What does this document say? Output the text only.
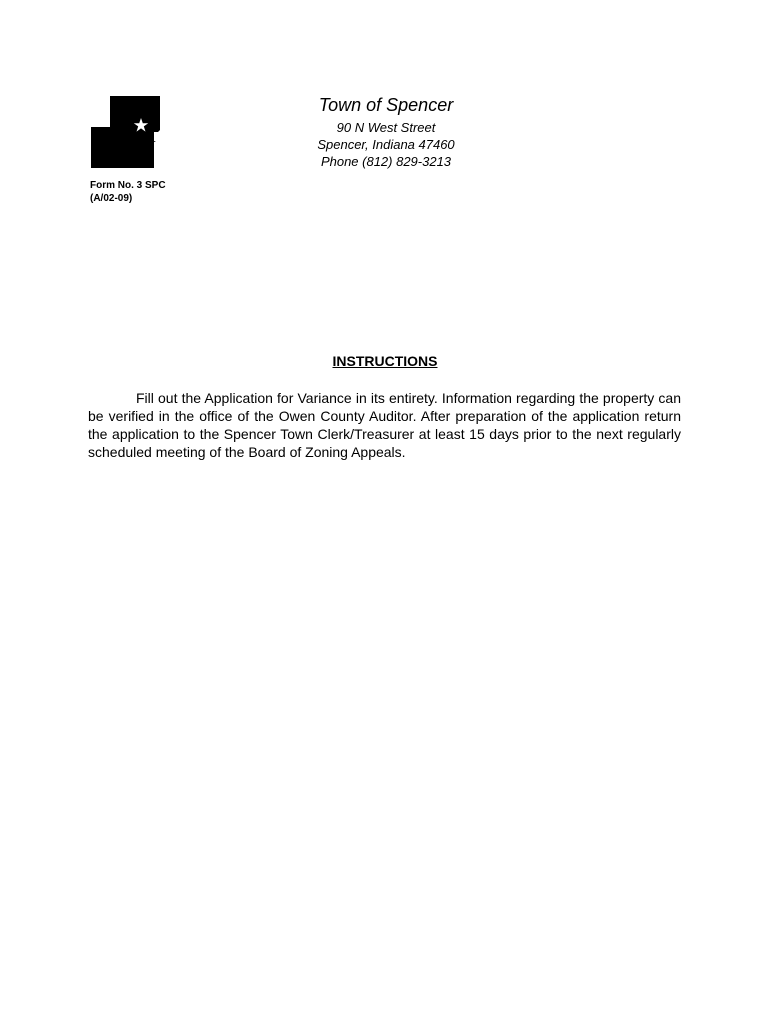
Town of Spencer
90 N West Street
Spencer, Indiana 47460
Phone (812) 829-3213
Form No. 3 SPC
(A/02-09)
INSTRUCTIONS

Fill out the Application for Variance in its entirety. Information regarding the property can be verified in the office of the Owen County Auditor. After preparation of the application return the application to the Spencer Town Clerk/Treasurer at least 15 days prior to the next regularly scheduled meeting of the Board of Zoning Appeals.
